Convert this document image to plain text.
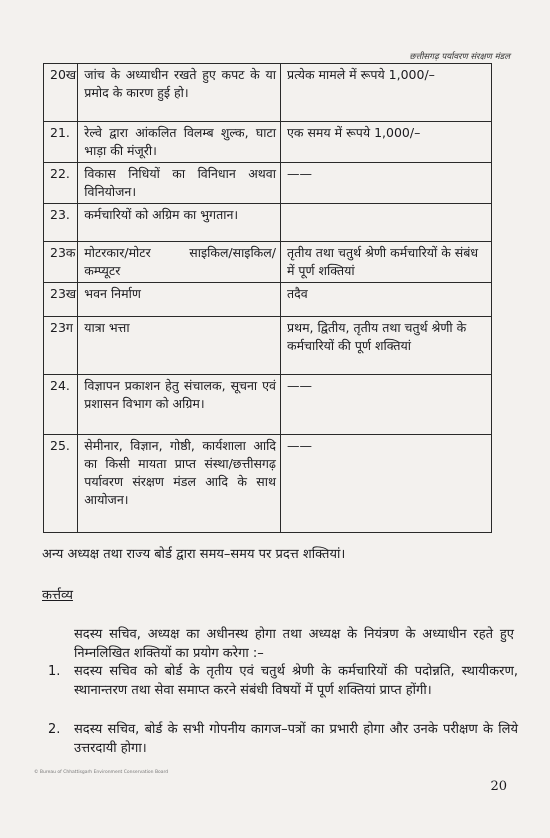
छत्तीसगढ़ पर्यावरण संरक्षण मंडल
20ख	जांच के अध्याधीन रखते हुए कपट के या प्रमोद के कारण हुई हो।	प्रत्येक मामले में रूपये 1,000/–
21.	रेल्वे द्वारा आंकलित विलम्ब शुल्क, घाटा भाड़ा की मंजूरी।	एक समय में रूपये 1,000/–
22.	विकास निधियों का विनिधान अथवा विनियोजन।	——
23.	कर्मचारियों को अग्रिम का भुगतान।	
23क	मोटरकार/मोटर साइकिल/साइकिल/कम्प्यूटर	तृतीय तथा चतुर्थ श्रेणी कर्मचारियों के संबंध में पूर्ण शक्तियां
23ख	भवन निर्माण	तदैव
23ग	यात्रा भत्ता	प्रथम, द्वितीय, तृतीय तथा चतुर्थ श्रेणी के कर्मचारियों की पूर्ण शक्तियां
24.	विज्ञापन प्रकाशन हेतु संचालक, सूचना एवं प्रशासन विभाग को अग्रिम।	——
25.	सेमीनार, विज्ञान, गोष्ठी, कार्यशाला आदि का किसी मायता प्राप्त संस्था/छत्तीसगढ़ पर्यावरण संरक्षण मंडल आदि के साथ आयोजन।	——
अन्य अध्यक्ष तथा राज्य बोर्ड द्वारा समय–समय पर प्रदत्त शक्तियां।
कर्त्तव्य
सदस्य सचिव, अध्यक्ष का अधीनस्थ होगा तथा अध्यक्ष के नियंत्रण के अध्याधीन रहते हुए निम्नलिखित शक्तियों का प्रयोग करेगा :–
1.	सदस्य सचिव को बोर्ड के तृतीय एवं चतुर्थ श्रेणी के कर्मचारियों की पदोन्नति, स्थायीकरण, स्थानान्तरण तथा सेवा समाप्त करने संबंधी विषयों में पूर्ण शक्तियां प्राप्त होंगी।
2.	सदस्य सचिव, बोर्ड के सभी गोपनीय कागज–पत्रों का प्रभारी होगा और उनके परीक्षण के लिये उत्तरदायी होगा।
© Bureau of Chhattisgarh Environment Conservation Board
20
